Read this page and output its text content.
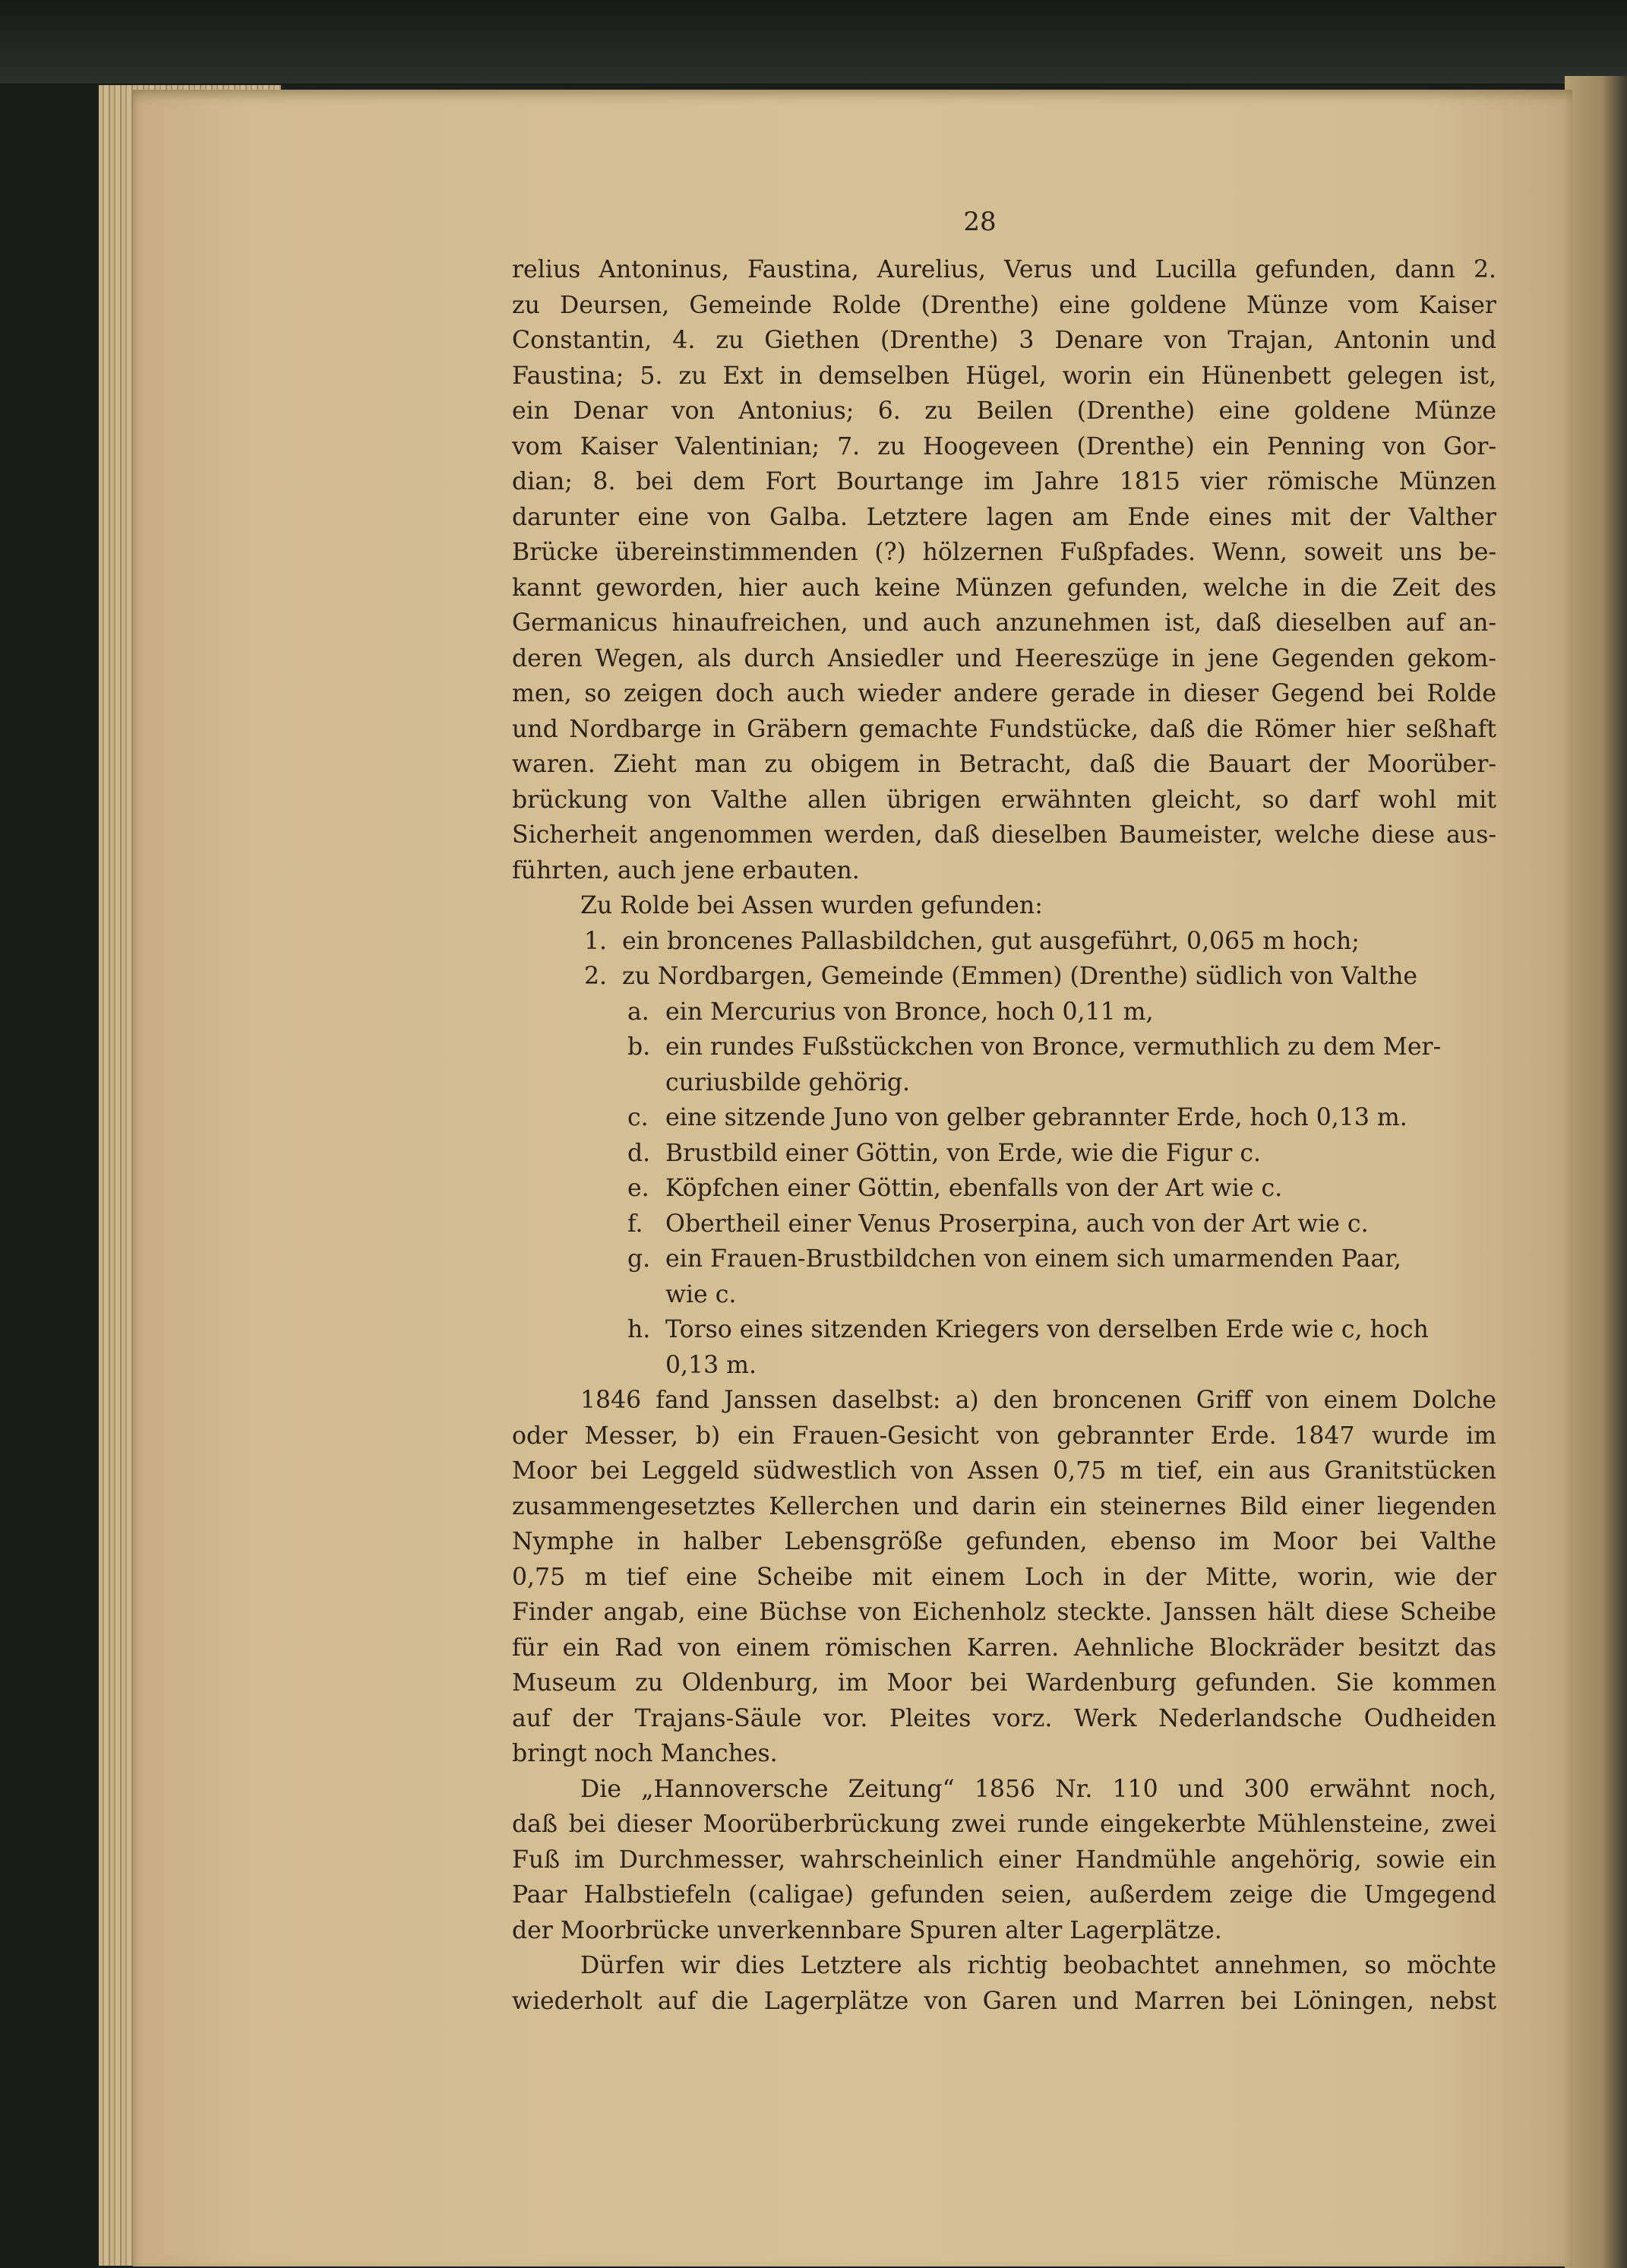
28
relius Antoninus, Faustina, Aurelius, Verus und Lucilla gefunden, dann 2.
zu Deursen, Gemeinde Rolde (Drenthe) eine goldene Münze vom Kaiser
Constantin, 4. zu Giethen (Drenthe) 3 Denare von Trajan, Antonin und
Faustina; 5. zu Ext in demselben Hügel, worin ein Hünenbett gelegen ist,
ein Denar von Antonius; 6. zu Beilen (Drenthe) eine goldene Münze
vom Kaiser Valentinian; 7. zu Hoogeveen (Drenthe) ein Penning von Gor-
dian; 8. bei dem Fort Bourtange im Jahre 1815 vier römische Münzen
darunter eine von Galba. Letztere lagen am Ende eines mit der Valther
Brücke übereinstimmenden (?) hölzernen Fußpfades. Wenn, soweit uns be-
kannt geworden, hier auch keine Münzen gefunden, welche in die Zeit des
Germanicus hinaufreichen, und auch anzunehmen ist, daß dieselben auf an-
deren Wegen, als durch Ansiedler und Heereszüge in jene Gegenden gekom-
men, so zeigen doch auch wieder andere gerade in dieser Gegend bei Rolde
und Nordbarge in Gräbern gemachte Fundstücke, daß die Römer hier seßhaft
waren. Zieht man zu obigem in Betracht, daß die Bauart der Moorüber-
brückung von Valthe allen übrigen erwähnten gleicht, so darf wohl mit
Sicherheit angenommen werden, daß dieselben Baumeister, welche diese aus-
führten, auch jene erbauten.
Zu Rolde bei Assen wurden gefunden:
1. ein broncenes Pallasbildchen, gut ausgeführt, 0,065 m hoch;
2. zu Nordbargen, Gemeinde (Emmen) (Drenthe) südlich von Valthe
a. ein Mercurius von Bronce, hoch 0,11 m,
b. ein rundes Fußstückchen von Bronce, vermuthlich zu dem Mer-
curiusbilde gehörig.
c. eine sitzende Juno von gelber gebrannter Erde, hoch 0,13 m.
d. Brustbild einer Göttin, von Erde, wie die Figur c.
e. Köpfchen einer Göttin, ebenfalls von der Art wie c.
f. Obertheil einer Venus Proserpina, auch von der Art wie c.
g. ein Frauen-Brustbildchen von einem sich umarmenden Paar,
wie c.
h. Torso eines sitzenden Kriegers von derselben Erde wie c, hoch
0,13 m.
1846 fand Janssen daselbst: a) den broncenen Griff von einem Dolche
oder Messer, b) ein Frauen-Gesicht von gebrannter Erde. 1847 wurde im
Moor bei Leggeld südwestlich von Assen 0,75 m tief, ein aus Granitstücken
zusammengesetztes Kellerchen und darin ein steinernes Bild einer liegenden
Nymphe in halber Lebensgröße gefunden, ebenso im Moor bei Valthe
0,75 m tief eine Scheibe mit einem Loch in der Mitte, worin, wie der
Finder angab, eine Büchse von Eichenholz steckte. Janssen hält diese Scheibe
für ein Rad von einem römischen Karren. Aehnliche Blockräder besitzt das
Museum zu Oldenburg, im Moor bei Wardenburg gefunden. Sie kommen
auf der Trajans-Säule vor. Pleites vorz. Werk Nederlandsche Oudheiden
bringt noch Manches.
Die „Hannoversche Zeitung“ 1856 Nr. 110 und 300 erwähnt noch,
daß bei dieser Moorüberbrückung zwei runde eingekerbte Mühlensteine, zwei
Fuß im Durchmesser, wahrscheinlich einer Handmühle angehörig, sowie ein
Paar Halbstiefeln (caligae) gefunden seien, außerdem zeige die Umgegend
der Moorbrücke unverkennbare Spuren alter Lagerplätze.
Dürfen wir dies Letztere als richtig beobachtet annehmen, so möchte
wiederholt auf die Lagerplätze von Garen und Marren bei Löningen, nebst
